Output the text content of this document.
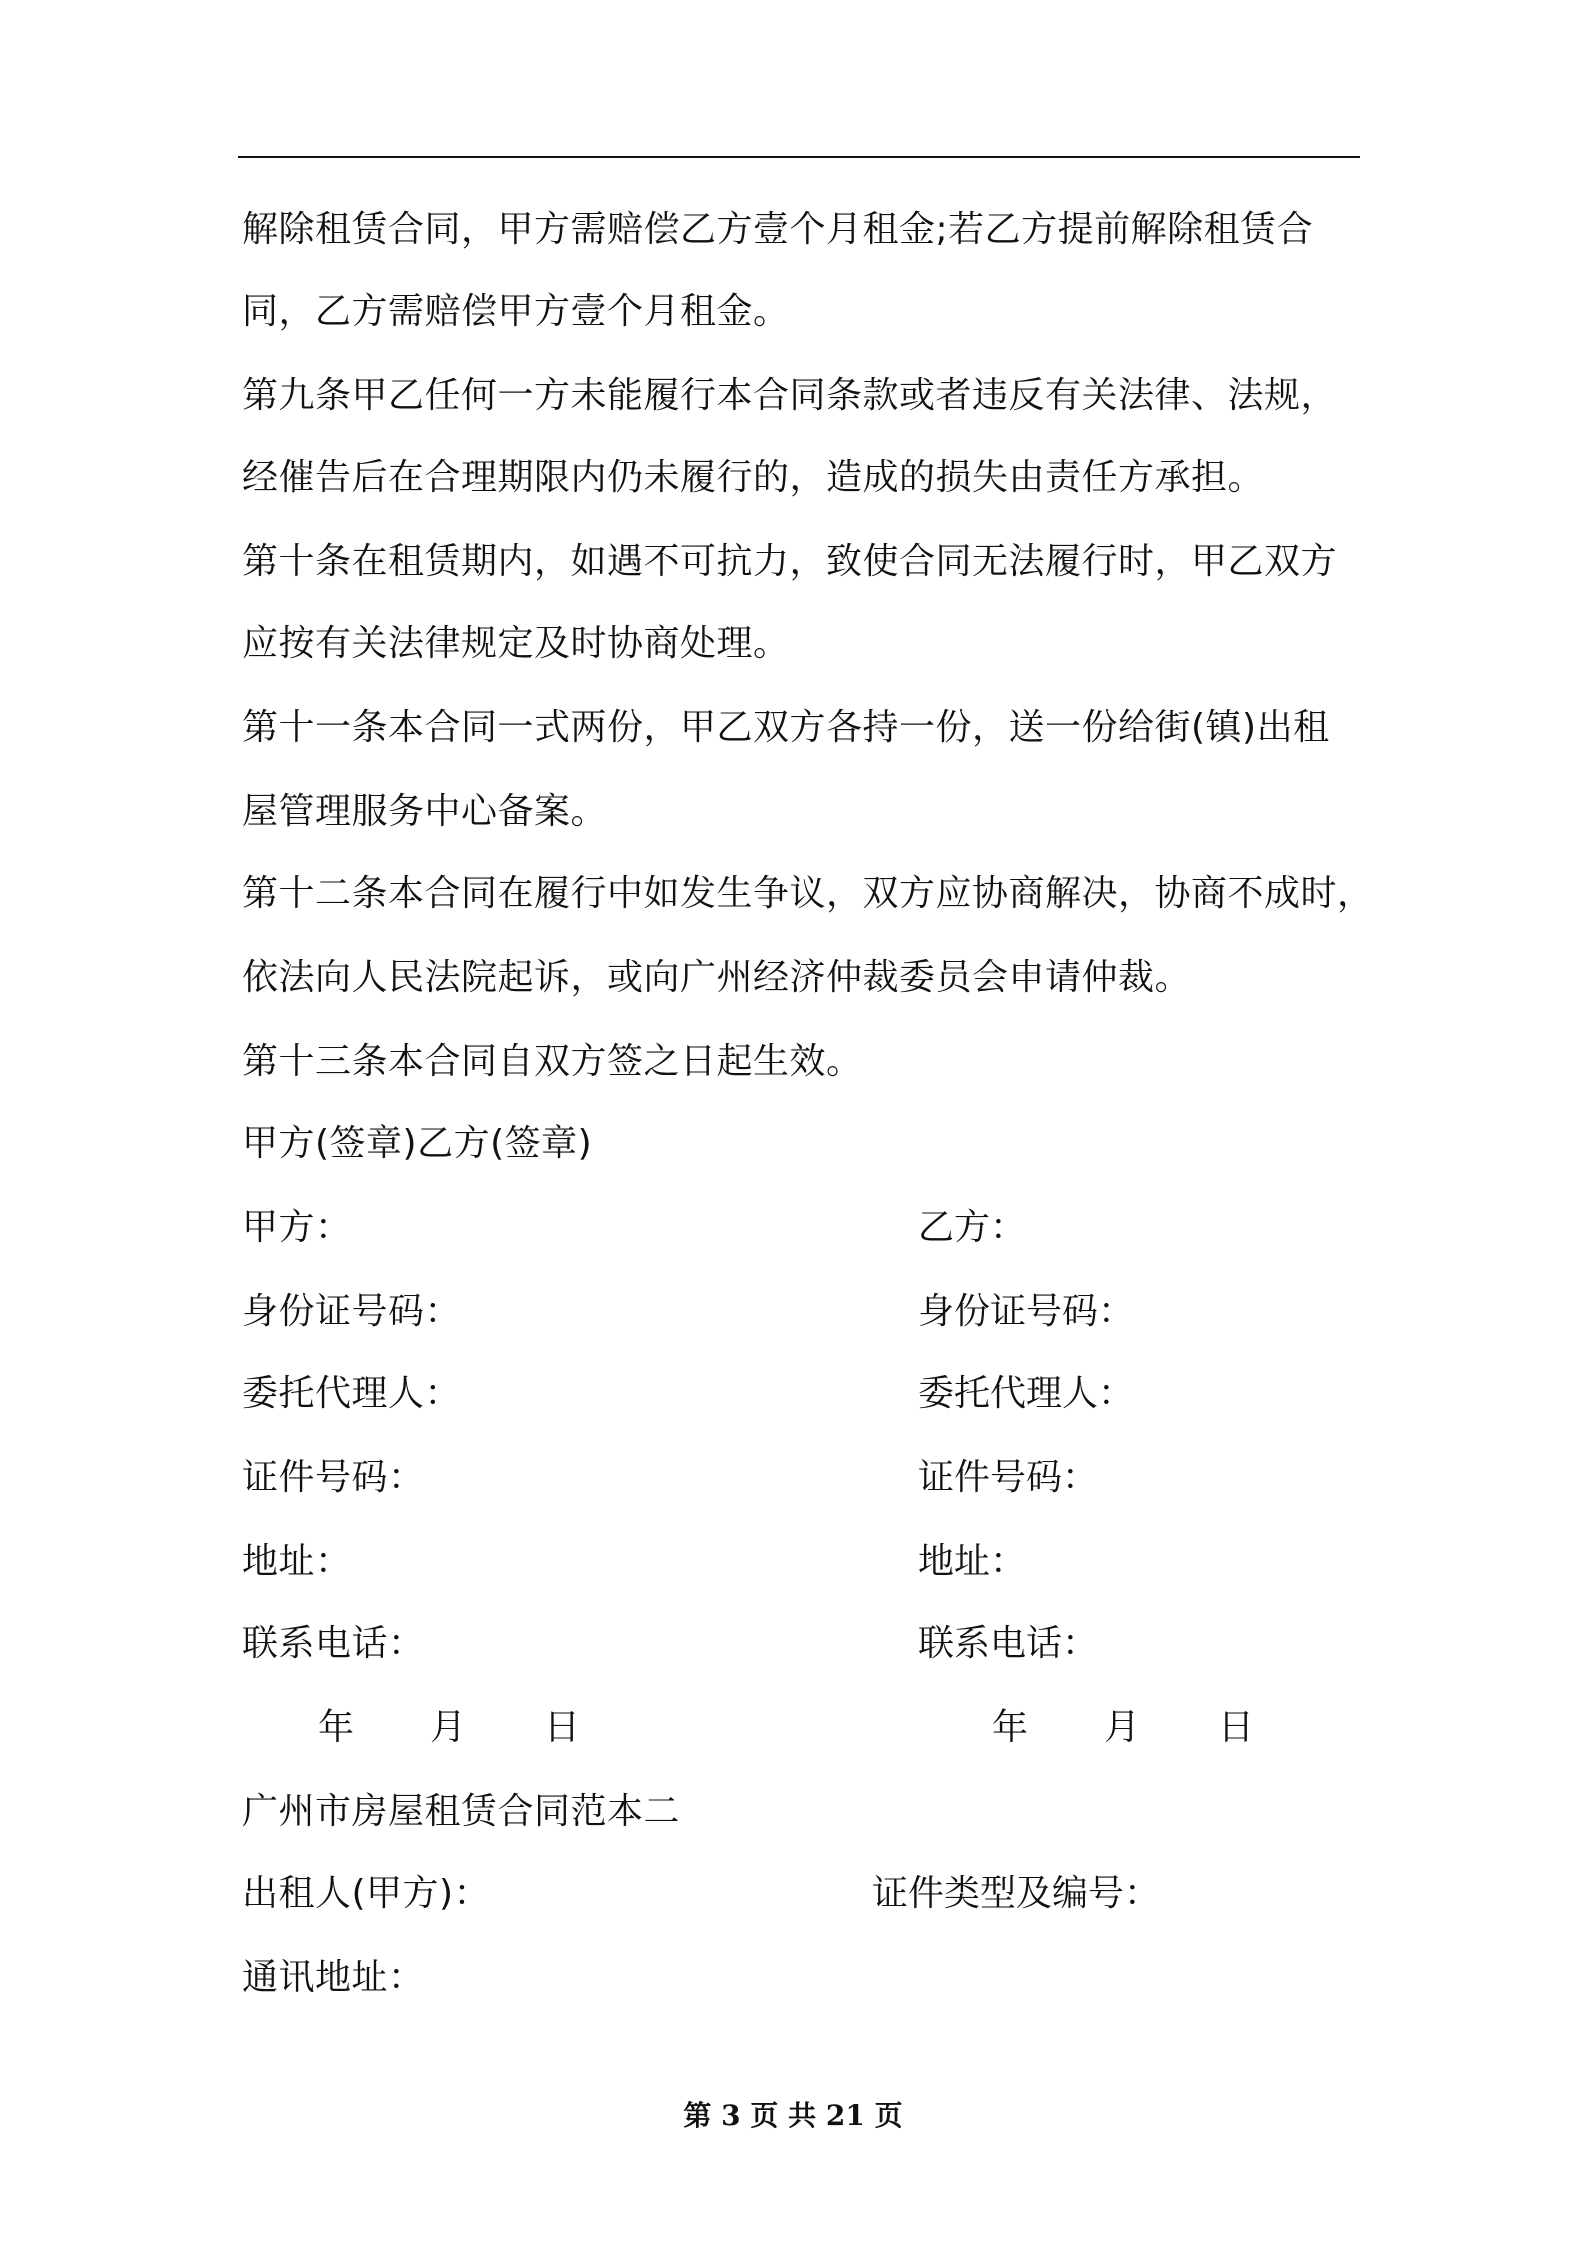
解除租赁合同，甲方需赔偿乙方壹个月租金;若乙方提前解除租赁合
同，乙方需赔偿甲方壹个月租金。
第九条甲乙任何一方未能履行本合同条款或者违反有关法律、法规，
经催告后在合理期限内仍未履行的，造成的损失由责任方承担。
第十条在租赁期内，如遇不可抗力，致使合同无法履行时，甲乙双方
应按有关法律规定及时协商处理。
第十一条本合同一式两份，甲乙双方各持一份，送一份给街(镇)出租
屋管理服务中心备案。
第十二条本合同在履行中如发生争议，双方应协商解决，协商不成时，
依法向人民法院起诉，或向广州经济仲裁委员会申请仲裁。
第十三条本合同自双方签之日起生效。
甲方(签章)乙方(签章)
甲方：	乙方：
身份证号码：	身份证号码：
委托代理人：	委托代理人：
证件号码：	证件号码：
地址：	地址：
联系电话：	联系电话：
年 月 日	年 月 日
广州市房屋租赁合同范本二
出租人(甲方)：	证件类型及编号：
通讯地址：
第 3 页 共 21 页
